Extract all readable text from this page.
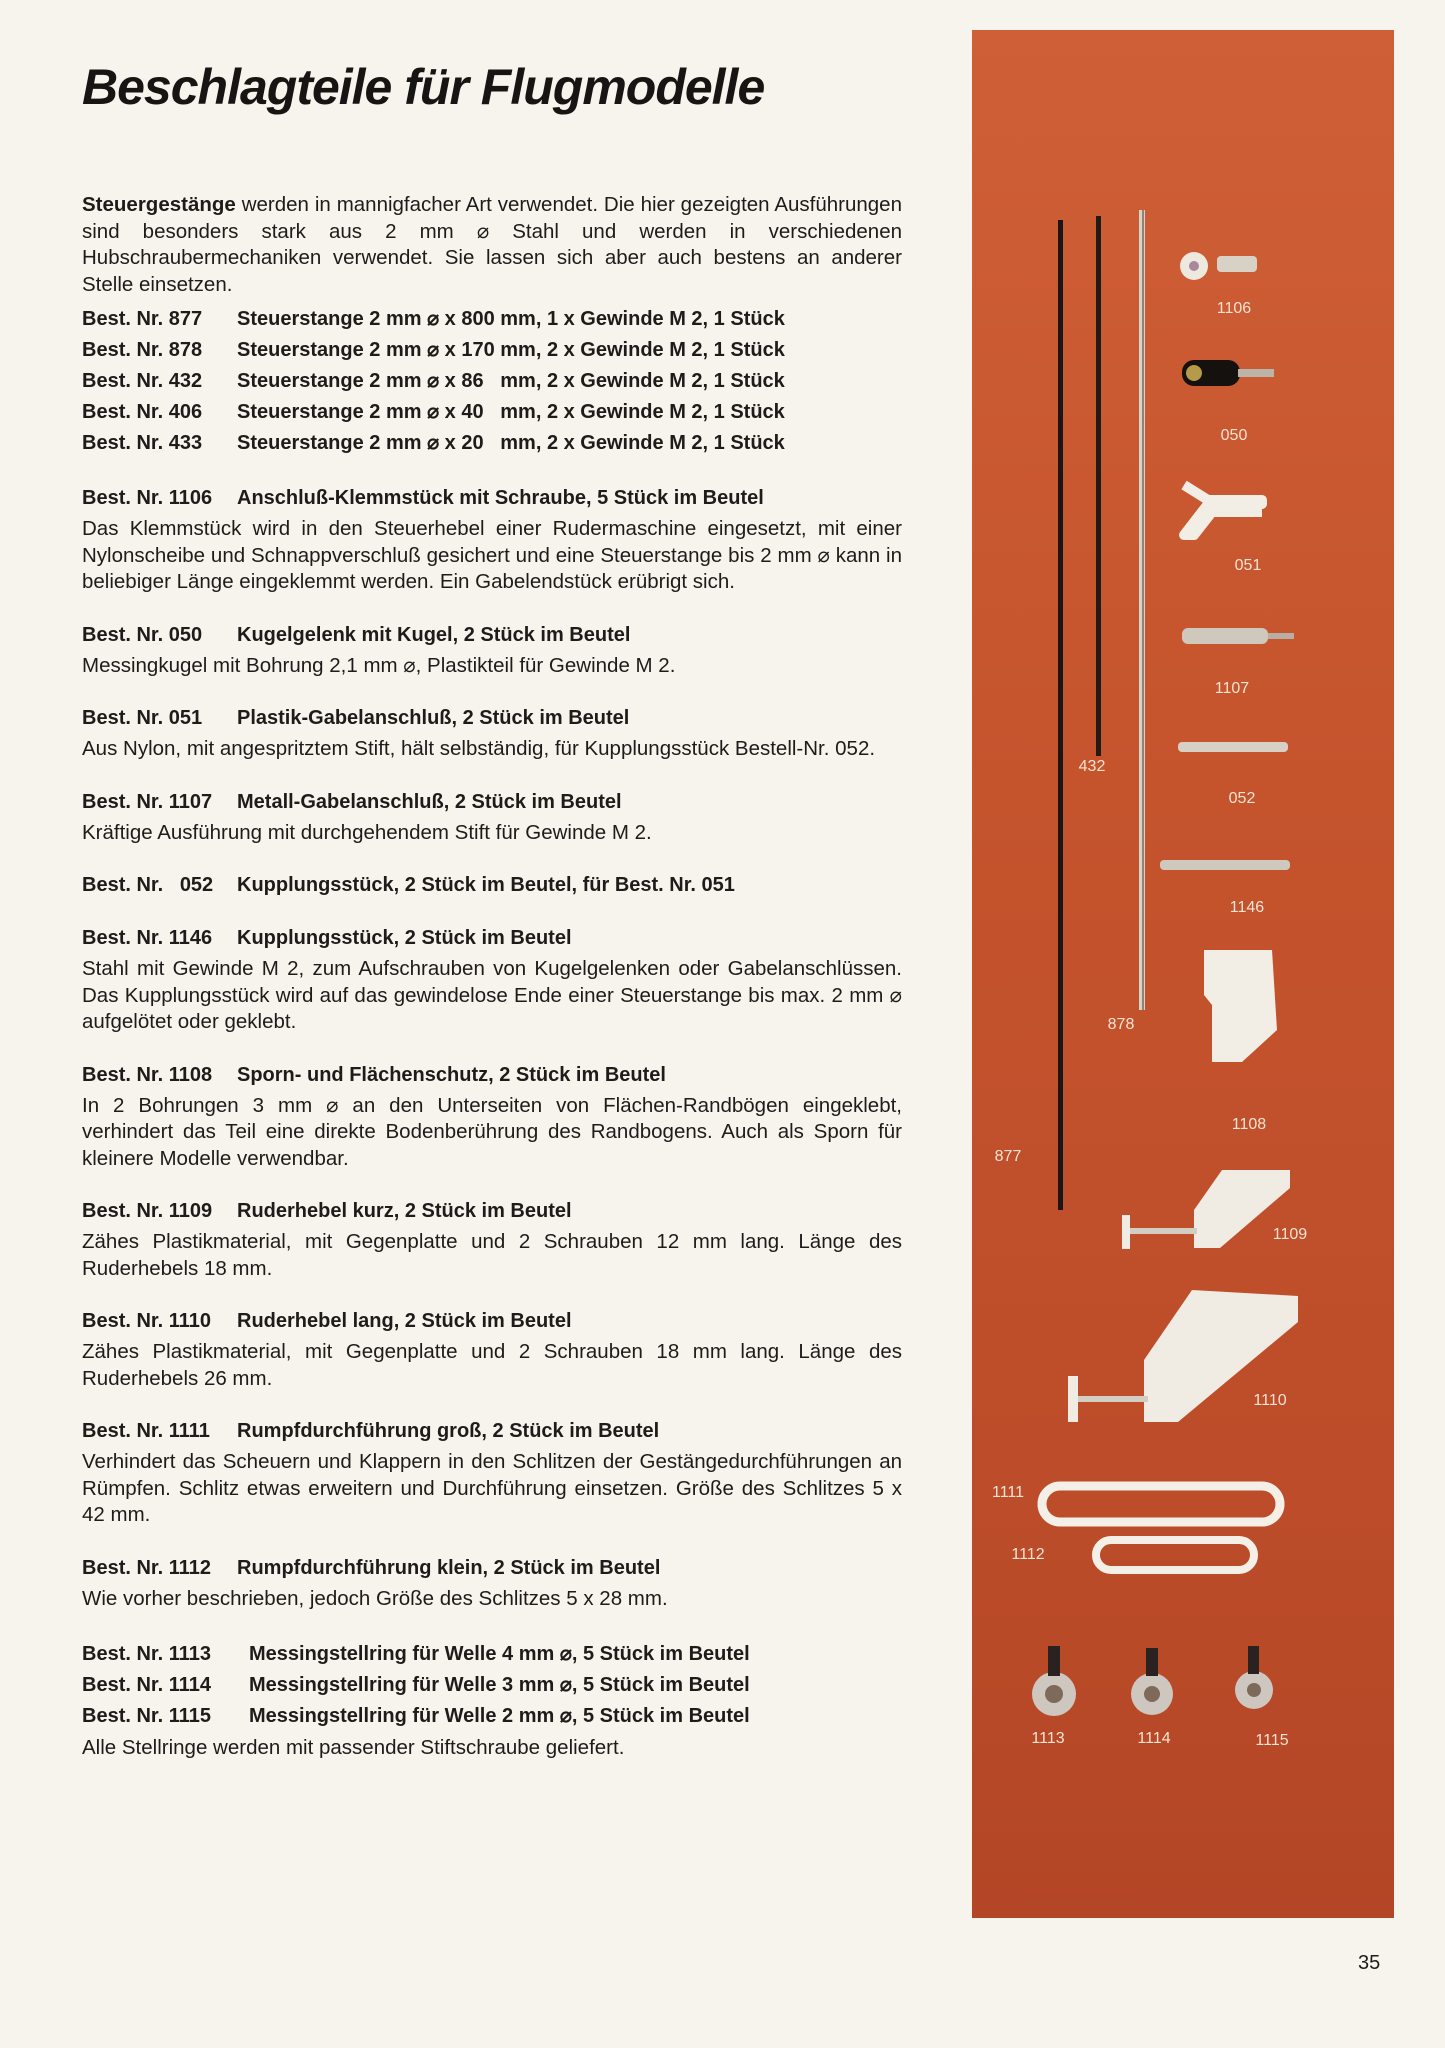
Beschlagteile für Flugmodelle

Steuergestänge werden in mannigfacher Art verwendet. Die hier gezeigten Ausführungen sind besonders stark aus 2 mm ⌀ Stahl und werden in verschiedenen Hubschraubermechaniken verwendet. Sie lassen sich aber auch bestens an anderer Stelle einsetzen.

Best. Nr. 877	Steuerstange 2 mm ⌀ x 800 mm, 1 x Gewinde M 2, 1 Stück
Best. Nr. 878	Steuerstange 2 mm ⌀ x 170 mm, 2 x Gewinde M 2, 1 Stück
Best. Nr. 432	Steuerstange 2 mm ⌀ x 86   mm, 2 x Gewinde M 2, 1 Stück
Best. Nr. 406	Steuerstange 2 mm ⌀ x 40   mm, 2 x Gewinde M 2, 1 Stück
Best. Nr. 433	Steuerstange 2 mm ⌀ x 20   mm, 2 x Gewinde M 2, 1 Stück
Best. Nr. 1106	Anschluß-Klemmstück mit Schraube, 5 Stück im Beutel
Das Klemmstück wird in den Steuerhebel einer Rudermaschine eingesetzt, mit einer Nylonscheibe und Schnappverschluß gesichert und eine Steuerstange bis 2 mm ⌀ kann in beliebiger Länge eingeklemmt werden. Ein Gabelendstück erübrigt sich.
Best. Nr. 050	Kugelgelenk mit Kugel, 2 Stück im Beutel
Messingkugel mit Bohrung 2,1 mm ⌀, Plastikteil für Gewinde M 2.
Best. Nr. 051	Plastik-Gabelanschluß, 2 Stück im Beutel
Aus Nylon, mit angespritztem Stift, hält selbständig, für Kupplungsstück Bestell-Nr. 052.
Best. Nr. 1107	Metall-Gabelanschluß, 2 Stück im Beutel
Kräftige Ausführung mit durchgehendem Stift für Gewinde M 2.
Best. Nr.   052	Kupplungsstück, 2 Stück im Beutel, für Best. Nr. 051
Best. Nr. 1146	Kupplungsstück, 2 Stück im Beutel
Stahl mit Gewinde M 2, zum Aufschrauben von Kugelgelenken oder Gabelanschlüssen. Das Kupplungsstück wird auf das gewindelose Ende einer Steuerstange bis max. 2 mm ⌀ aufgelötet oder geklebt.
Best. Nr. 1108	Sporn- und Flächenschutz, 2 Stück im Beutel
In 2 Bohrungen 3 mm ⌀ an den Unterseiten von Flächen-Randbögen eingeklebt, verhindert das Teil eine direkte Bodenberührung des Randbogens. Auch als Sporn für kleinere Modelle verwendbar.
Best. Nr. 1109	Ruderhebel kurz, 2 Stück im Beutel
Zähes Plastikmaterial, mit Gegenplatte und 2 Schrauben 12 mm lang. Länge des Ruderhebels 18 mm.
Best. Nr. 1110	Ruderhebel lang, 2 Stück im Beutel
Zähes Plastikmaterial, mit Gegenplatte und 2 Schrauben 18 mm lang. Länge des Ruderhebels 26 mm.
Best. Nr. 1111	Rumpfdurchführung groß, 2 Stück im Beutel
Verhindert das Scheuern und Klappern in den Schlitzen der Gestängedurchführungen an Rümpfen. Schlitz etwas erweitern und Durchführung einsetzen. Größe des Schlitzes 5 x 42 mm.
Best. Nr. 1112	Rumpfdurchführung klein, 2 Stück im Beutel
Wie vorher beschrieben, jedoch Größe des Schlitzes 5 x 28 mm.
Best. Nr. 1113	Messingstellring für Welle 4 mm ⌀, 5 Stück im Beutel
Best. Nr. 1114	Messingstellring für Welle 3 mm ⌀, 5 Stück im Beutel
Best. Nr. 1115	Messingstellring für Welle 2 mm ⌀, 5 Stück im Beutel
Alle Stellringe werden mit passender Stiftschraube geliefert.
1106
050
051
1107
052
432
1146
878
1108
877
1109
1110
1111
1112
1113	1114	1115
35
